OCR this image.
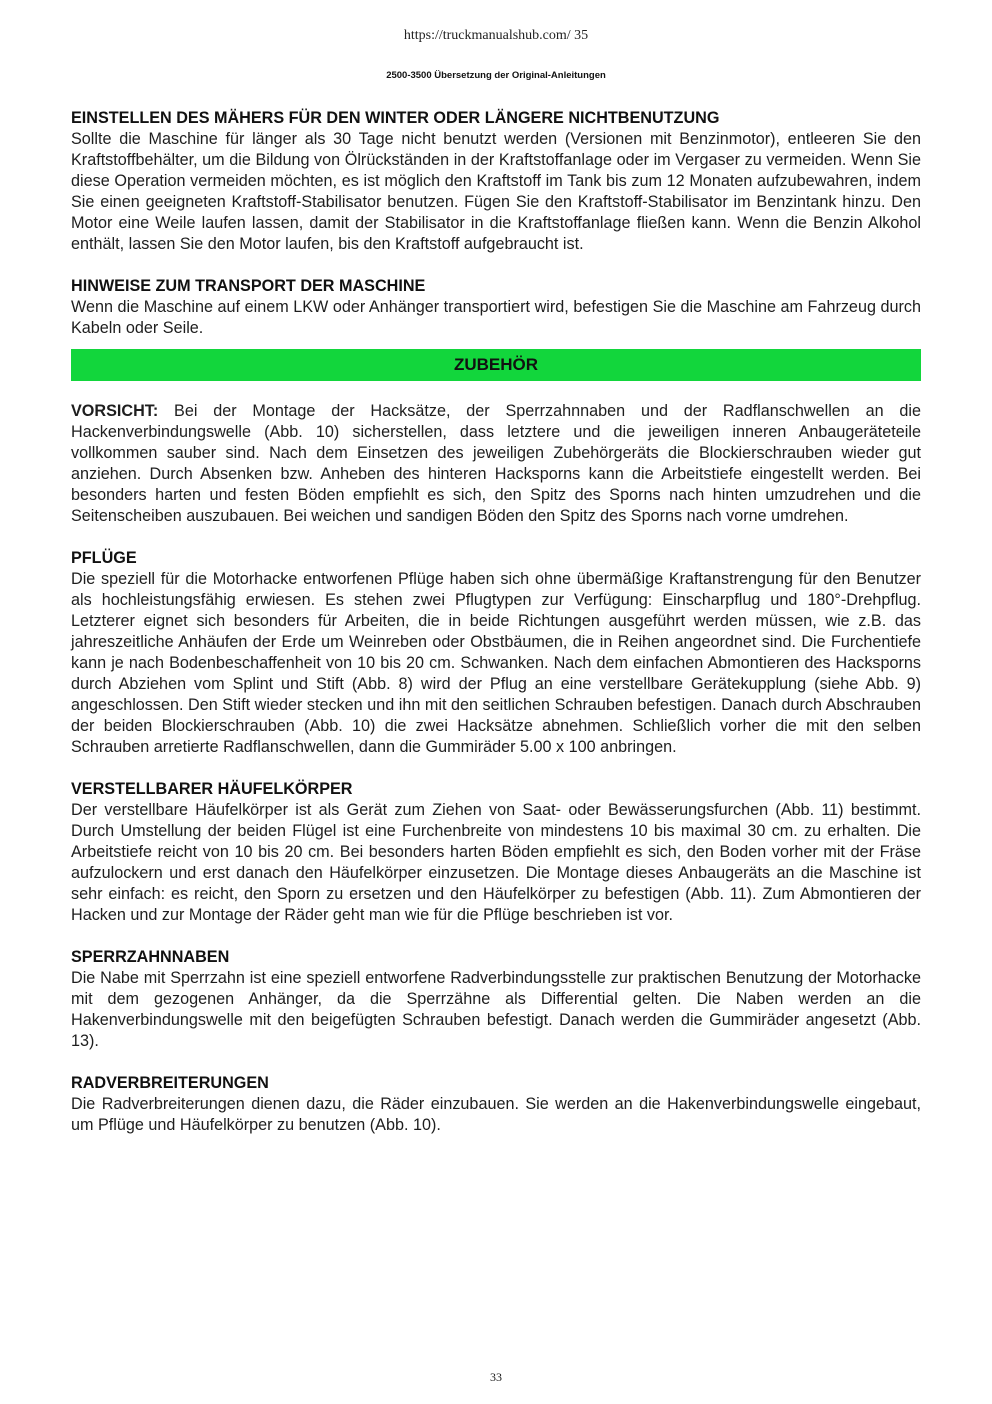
https://truckmanualshub.com/ 35
2500-3500 Übersetzung der Original-Anleitungen
EINSTELLEN DES MÄHERS FÜR DEN WINTER ODER LÄNGERE NICHTBENUTZUNG
Sollte die Maschine für länger als 30 Tage nicht benutzt werden (Versionen mit Benzinmotor), entleeren Sie den Kraftstoffbehälter, um die Bildung von Ölrückständen in der Kraftstoffanlage oder im Vergaser zu vermeiden. Wenn Sie diese Operation vermeiden möchten, es ist möglich den Kraftstoff im Tank bis zum 12 Monaten aufzubewahren, indem Sie einen geeigneten Kraftstoff-Stabilisator benutzen. Fügen Sie den Kraftstoff-Stabilisator im Benzintank hinzu. Den Motor eine Weile laufen lassen, damit der Stabilisator in die Kraftstoffanlage fließen kann. Wenn die Benzin Alkohol enthält, lassen Sie den Motor laufen, bis den Kraftstoff aufgebraucht ist.
HINWEISE ZUM TRANSPORT DER MASCHINE
Wenn die Maschine auf einem LKW oder Anhänger transportiert wird, befestigen Sie die Maschine am Fahrzeug durch Kabeln oder Seile.
ZUBEHÖR
VORSICHT: Bei der Montage der Hacksätze, der Sperrzahnnaben und der Radflanschwellen an die Hackenverbindungswelle (Abb. 10) sicherstellen, dass letztere und die jeweiligen inneren Anbaugeräteteile vollkommen sauber sind. Nach dem Einsetzen des jeweiligen Zubehörgeräts die Blockierschrauben wieder gut anziehen. Durch Absenken bzw. Anheben des hinteren Hacksporns kann die Arbeitstiefe eingestellt werden. Bei besonders harten und festen Böden empfiehlt es sich, den Spitz des Sporns nach hinten umzudrehen und die Seitenscheiben auszubauen. Bei weichen und sandigen Böden den Spitz des Sporns nach vorne umdrehen.
PFLÜGE
Die speziell für die Motorhacke entworfenen Pflüge haben sich ohne übermäßige Kraftanstrengung für den Benutzer als hochleistungsfähig erwiesen. Es stehen zwei Pflugtypen zur Verfügung: Einscharpflug und 180°-Drehpflug. Letzterer eignet sich besonders für Arbeiten, die in beide Richtungen ausgeführt werden müssen, wie z.B. das jahreszeitliche Anhäufen der Erde um Weinreben oder Obstbäumen, die in Reihen angeordnet sind. Die Furchentiefe kann je nach Bodenbeschaffenheit von 10 bis 20 cm. Schwanken. Nach dem einfachen Abmontieren des Hacksporns durch Abziehen vom Splint und Stift (Abb. 8) wird der Pflug an eine verstellbare Gerätekupplung (siehe Abb. 9) angeschlossen. Den Stift wieder stecken und ihn mit den seitlichen Schrauben befestigen. Danach durch Abschrauben der beiden Blockierschrauben (Abb. 10) die zwei Hacksätze abnehmen. Schließlich vorher die mit den selben Schrauben arretierte Radflanschwellen, dann die Gummiräder 5.00 x 100 anbringen.
VERSTELLBARER HÄUFELKÖRPER
Der verstellbare Häufelkörper ist als Gerät zum Ziehen von Saat- oder Bewässerungsfurchen (Abb. 11) bestimmt. Durch Umstellung der beiden Flügel ist eine Furchenbreite von mindestens 10 bis maximal 30 cm. zu erhalten. Die Arbeitstiefe reicht von 10 bis 20 cm. Bei besonders harten Böden empfiehlt es sich, den Boden vorher mit der Fräse aufzulockern und erst danach den Häufelkörper einzusetzen. Die Montage dieses Anbaugeräts an die Maschine ist sehr einfach: es reicht, den Sporn zu ersetzen und den Häufelkörper zu befestigen (Abb. 11). Zum Abmontieren der Hacken und zur Montage der Räder geht man wie für die Pflüge beschrieben ist vor.
SPERRZAHNNABEN
Die Nabe mit Sperrzahn ist eine speziell entworfene Radverbindungsstelle zur praktischen Benutzung der Motorhacke mit dem gezogenen Anhänger, da die Sperrzähne als Differential gelten. Die Naben werden an die Hakenverbindungswelle mit den beigefügten Schrauben befestigt. Danach werden die Gummiräder angesetzt (Abb. 13).
RADVERBREITERUNGEN
Die Radverbreiterungen dienen dazu, die Räder einzubauen. Sie werden an die Hakenverbindungswelle eingebaut, um Pflüge und Häufelkörper zu benutzen (Abb. 10).
33
